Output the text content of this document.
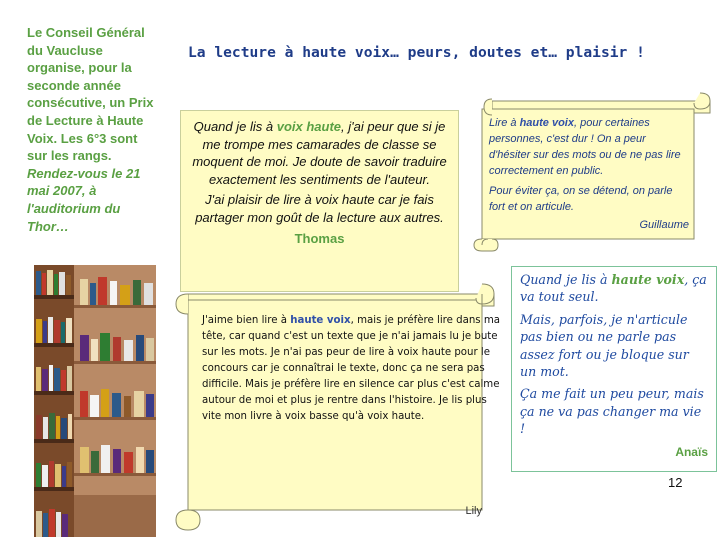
Le Conseil Général du Vaucluse organise, pour la seconde année consécutive, un Prix de Lecture à Haute Voix. Les 6°3 sont sur les rangs. Rendez-vous le 21 mai 2007, à l'auditorium du Thor…
La lecture à haute voix… peurs, doutes et… plaisir !

Quand je lis à voix haute, j'ai peur que si je me trompe mes camarades de classe se moquent de moi. Je doute de savoir traduire exactement les sentiments de l'auteur.

J'ai plaisir de lire à voix haute car je fais partager mon goût de la lecture aux autres.

Thomas

Lire à haute voix, pour certaines personnes, c'est dur ! On a peur d'hésiter sur des mots ou de ne pas lire correctement en public.

Pour éviter ça, on se détend, on parle fort et on articule.

Guillaume

J'aime bien lire à haute voix, mais je préfère lire dans ma tête, car quand c'est un texte que je n'ai jamais lu je bute sur les mots. Je n'ai pas peur de lire à voix haute pour le concours car je connaîtrai le texte, donc ça ne sera pas difficile. Mais je préfère lire en silence car plus c'est calme autour de moi et plus je rentre dans l'histoire. Je lis plus vite mon livre à voix basse qu'à voix haute.

Lily

Quand je lis à haute voix, ça va tout seul.

Mais, parfois, je n'articule pas bien ou ne parle pas assez fort ou je bloque sur un mot.

Ça me fait un peu peur, mais ça ne va pas changer ma vie !

Anaïs

12
